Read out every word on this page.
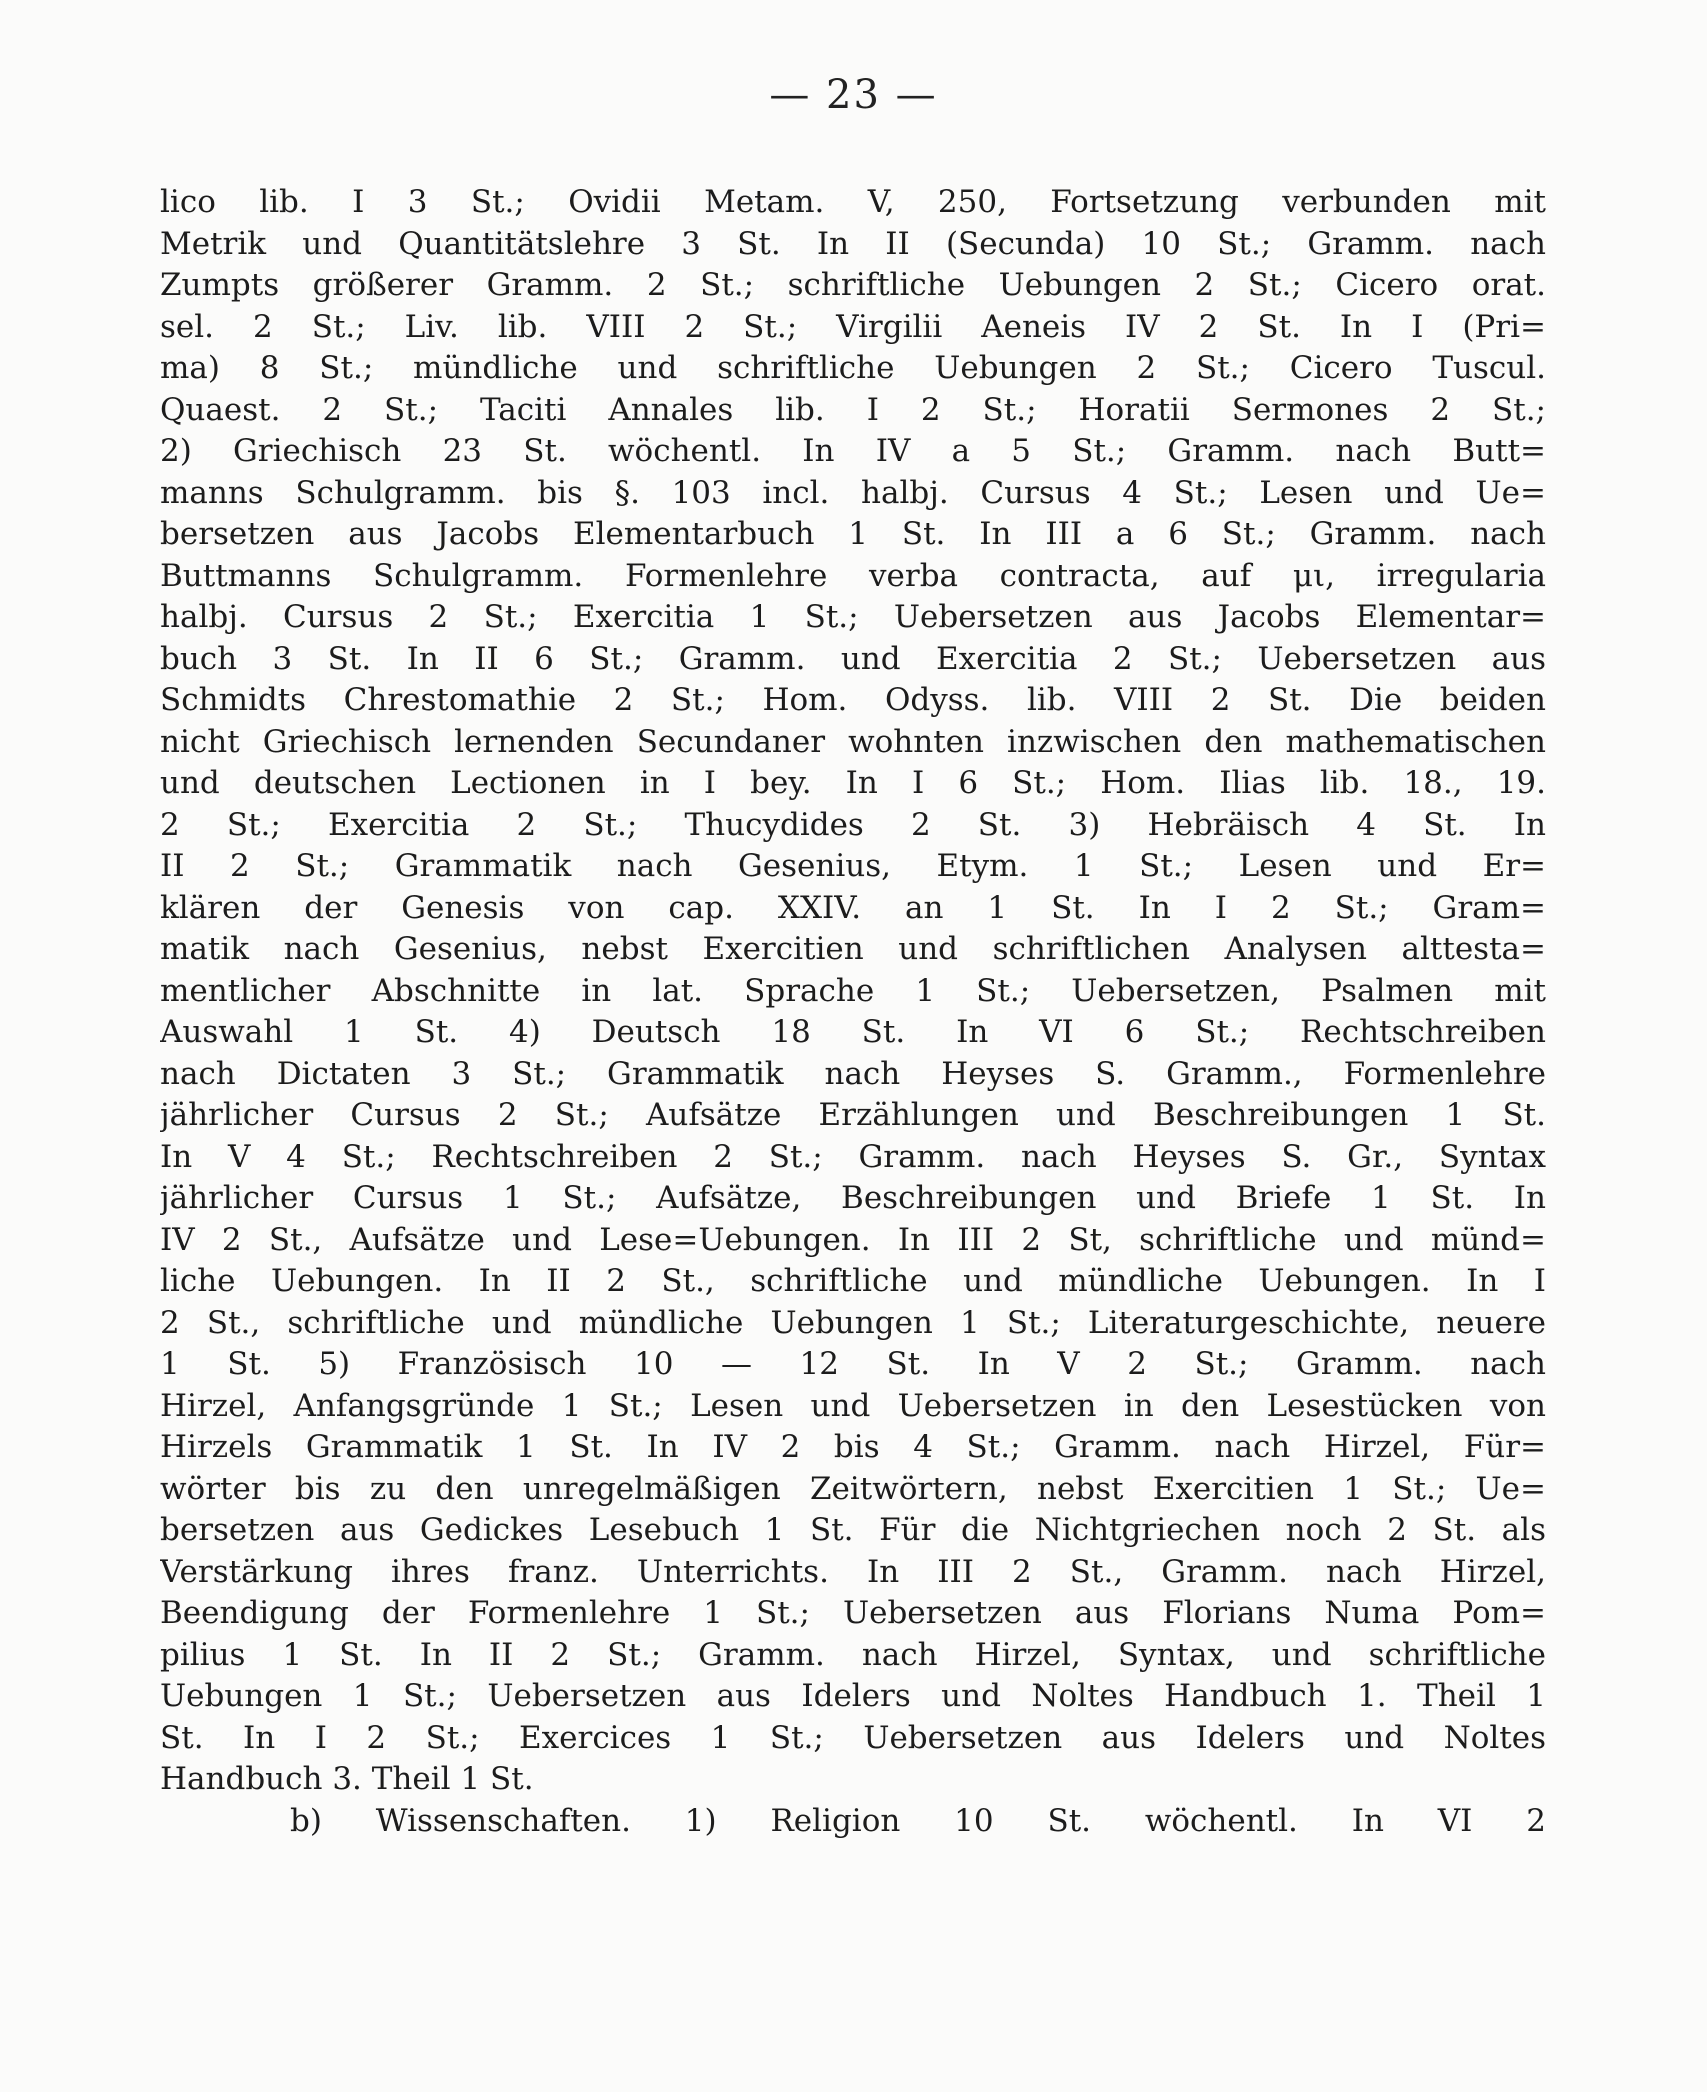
— 23 —
lico lib. I 3 St.; Ovidii Metam. V, 250, Fortsetzung verbunden mit
Metrik und Quantitätslehre 3 St. In II (Secunda) 10 St.; Gramm. nach
Zumpts größerer Gramm. 2 St.; schriftliche Uebungen 2 St.; Cicero orat.
sel. 2 St.; Liv. lib. VIII 2 St.; Virgilii Aeneis IV 2 St. In I (Pri=
ma) 8 St.; mündliche und schriftliche Uebungen 2 St.; Cicero Tuscul.
Quaest. 2 St.; Taciti Annales lib. I 2 St.; Horatii Sermones 2 St.;
2) Griechisch 23 St. wöchentl. In IV a 5 St.; Gramm. nach Butt=
manns Schulgramm. bis §. 103 incl. halbj. Cursus 4 St.; Lesen und Ue=
bersetzen aus Jacobs Elementarbuch 1 St. In III a 6 St.; Gramm. nach
Buttmanns Schulgramm. Formenlehre verba contracta, auf μι, irregularia
halbj. Cursus 2 St.; Exercitia 1 St.; Uebersetzen aus Jacobs Elementar=
buch 3 St. In II 6 St.; Gramm. und Exercitia 2 St.; Uebersetzen aus
Schmidts Chrestomathie 2 St.; Hom. Odyss. lib. VIII 2 St. Die beiden
nicht Griechisch lernenden Secundaner wohnten inzwischen den mathematischen
und deutschen Lectionen in I bey. In I 6 St.; Hom. Ilias lib. 18., 19.
2 St.; Exercitia 2 St.; Thucydides 2 St. 3) Hebräisch 4 St. In
II 2 St.; Grammatik nach Gesenius, Etym. 1 St.; Lesen und Er=
klären der Genesis von cap. XXIV. an 1 St. In I 2 St.; Gram=
matik nach Gesenius, nebst Exercitien und schriftlichen Analysen alttesta=
mentlicher Abschnitte in lat. Sprache 1 St.; Uebersetzen, Psalmen mit
Auswahl 1 St. 4) Deutsch 18 St. In VI 6 St.; Rechtschreiben
nach Dictaten 3 St.; Grammatik nach Heyses S. Gramm., Formenlehre
jährlicher Cursus 2 St.; Aufsätze Erzählungen und Beschreibungen 1 St.
In V 4 St.; Rechtschreiben 2 St.; Gramm. nach Heyses S. Gr., Syntax
jährlicher Cursus 1 St.; Aufsätze, Beschreibungen und Briefe 1 St. In
IV 2 St., Aufsätze und Lese=Uebungen. In III 2 St, schriftliche und münd=
liche Uebungen. In II 2 St., schriftliche und mündliche Uebungen. In I
2 St., schriftliche und mündliche Uebungen 1 St.; Literaturgeschichte, neuere
1 St. 5) Französisch 10 — 12 St. In V 2 St.; Gramm. nach
Hirzel, Anfangsgründe 1 St.; Lesen und Uebersetzen in den Lesestücken von
Hirzels Grammatik 1 St. In IV 2 bis 4 St.; Gramm. nach Hirzel, Für=
wörter bis zu den unregelmäßigen Zeitwörtern, nebst Exercitien 1 St.; Ue=
bersetzen aus Gedickes Lesebuch 1 St. Für die Nichtgriechen noch 2 St. als
Verstärkung ihres franz. Unterrichts. In III 2 St., Gramm. nach Hirzel,
Beendigung der Formenlehre 1 St.; Uebersetzen aus Florians Numa Pom=
pilius 1 St. In II 2 St.; Gramm. nach Hirzel, Syntax, und schriftliche
Uebungen 1 St.; Uebersetzen aus Idelers und Noltes Handbuch 1. Theil 1
St. In I 2 St.; Exercices 1 St.; Uebersetzen aus Idelers und Noltes
Handbuch 3. Theil 1 St.
b) Wissenschaften. 1) Religion 10 St. wöchentl. In VI 2
